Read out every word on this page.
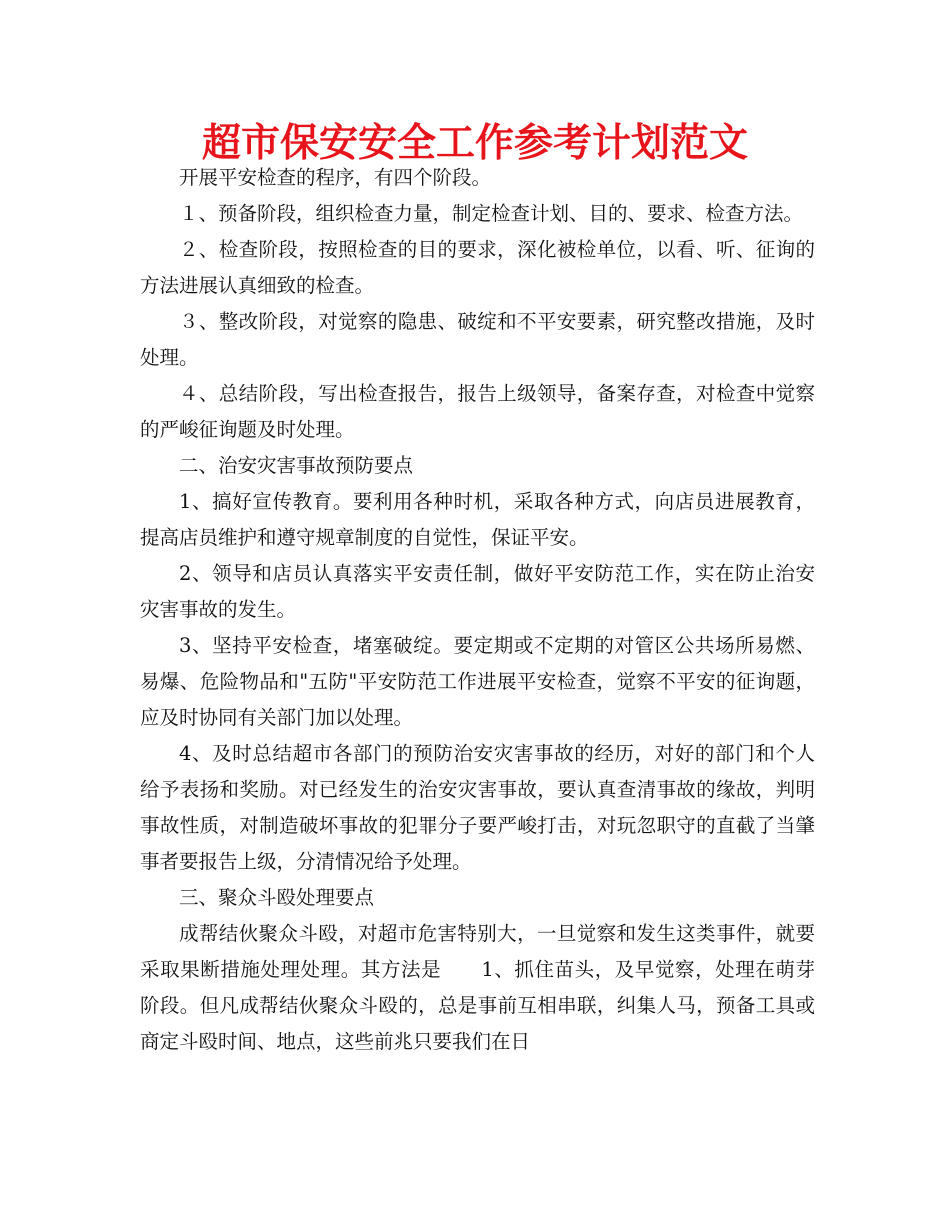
超市保安安全工作参考计划范文

开展平安检查的程序，有四个阶段。

１、预备阶段，组织检查力量，制定检查计划、目的、要求、检查方法。

２、检查阶段，按照检查的目的要求，深化被检单位，以看、听、征询的方法进展认真细致的检查。

３、整改阶段，对觉察的隐患、破绽和不平安要素，研究整改措施，及时处理。

４、总结阶段，写出检查报告，报告上级领导，备案存查，对检查中觉察的严峻征询题及时处理。

二、治安灾害事故预防要点

1、搞好宣传教育。要利用各种时机，采取各种方式，向店员进展教育，提高店员维护和遵守规章制度的自觉性，保证平安。

2、领导和店员认真落实平安责任制，做好平安防范工作，实在防止治安灾害事故的发生。

3、坚持平安检查，堵塞破绽。要定期或不定期的对管区公共场所易燃、易爆、危险物品和"五防"平安防范工作进展平安检查，觉察不平安的征询题，应及时协同有关部门加以处理。

4、及时总结超市各部门的预防治安灾害事故的经历，对好的部门和个人给予表扬和奖励。对已经发生的治安灾害事故，要认真查清事故的缘故，判明事故性质，对制造破坏事故的犯罪分子要严峻打击，对玩忽职守的直截了当肇事者要报告上级，分清情况给予处理。

三、聚众斗殴处理要点

成帮结伙聚众斗殴，对超市危害特别大，一旦觉察和发生这类事件，就要采取果断措施处理处理。其方法是　　1、抓住苗头，及早觉察，处理在萌芽阶段。但凡成帮结伙聚众斗殴的，总是事前互相串联，纠集人马，预备工具或商定斗殴时间、地点，这些前兆只要我们在日
